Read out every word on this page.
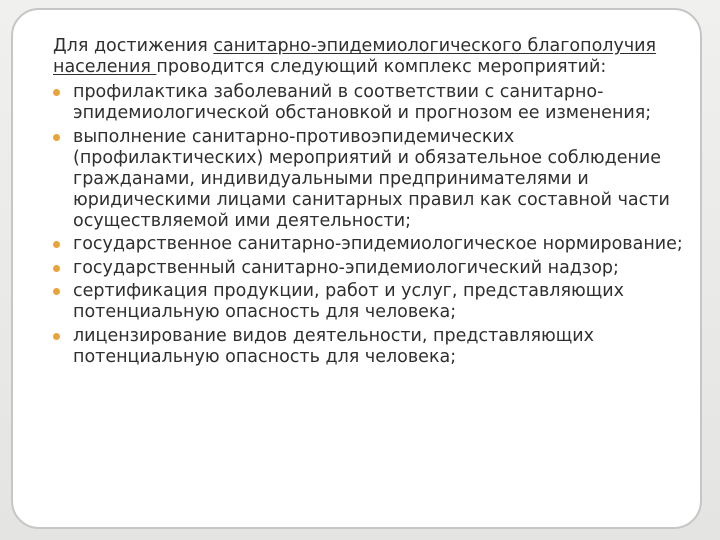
Для достижения санитарно-эпидемиологического благополучия населения проводится следующий комплекс мероприятий:

профилактика заболеваний в соответствии с санитарно-эпидемиологической обстановкой и прогнозом ее изменения;
выполнение санитарно-противоэпидемических (профилактических) мероприятий и обязательное соблюдение гражданами, индивидуальными предпринимателями и юридическими лицами санитарных правил как составной части осуществляемой ими деятельности;
государственное санитарно-эпидемиологическое нормирование;
государственный санитарно-эпидемиологический надзор;
сертификация продукции, работ и услуг, представляющих потенциальную опасность для человека;
лицензирование видов деятельности, представляющих потенциальную опасность для человека;
